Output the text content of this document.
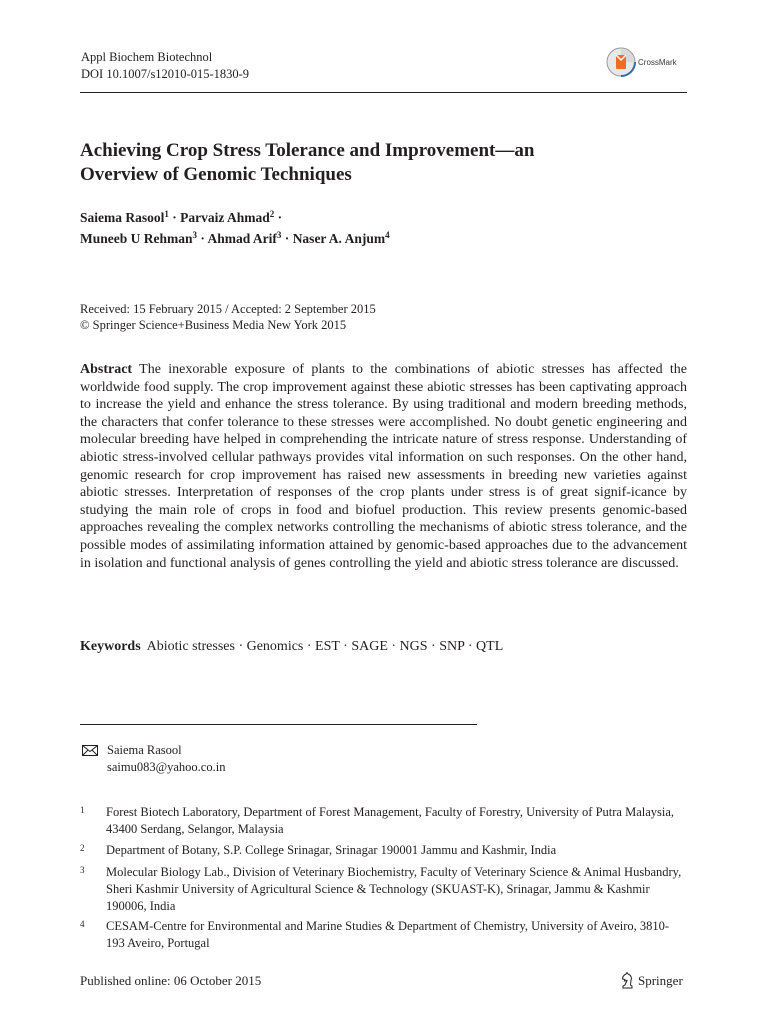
Appl Biochem Biotechnol
DOI 10.1007/s12010-015-1830-9
CrossMark
Achieving Crop Stress Tolerance and Improvement—an
Overview of Genomic Techniques
Saiema Rasool$^1$ · Parvaiz Ahmad$^2$ ·
Muneeb U Rehman$^3$ · Ahmad Arif$^3$ · Naser A. Anjum$^4$
Received: 15 February 2015 / Accepted: 2 September 2015
© Springer Science+Business Media New York 2015
Abstract The inexorable exposure of plants to the combinations of abiotic stresses has affected the worldwide food supply. The crop improvement against these abiotic stresses has been captivating approach to increase the yield and enhance the stress tolerance. By using traditional and modern breeding methods, the characters that confer tolerance to these stresses were accomplished. No doubt genetic engineering and molecular breeding have helped in comprehending the intricate nature of stress response. Understanding of abiotic stress-involved cellular pathways provides vital information on such responses. On the other hand, genomic research for crop improvement has raised new assessments in breeding new varieties against abiotic stresses. Interpretation of responses of the crop plants under stress is of great signif-icance by studying the main role of crops in food and biofuel production. This review presents genomic-based approaches revealing the complex networks controlling the mechanisms of abiotic stress tolerance, and the possible modes of assimilating information attained by genomic-based approaches due to the advancement in isolation and functional analysis of genes controlling the yield and abiotic stress tolerance are discussed.
Keywords Abiotic stresses · Genomics · EST · SAGE · NGS · SNP · QTL
Saiema Rasool
saimu083@yahoo.co.in
1 Forest Biotech Laboratory, Department of Forest Management, Faculty of Forestry, University of Putra Malaysia, 43400 Serdang, Selangor, Malaysia
2 Department of Botany, S.P. College Srinagar, Srinagar 190001 Jammu and Kashmir, India
3 Molecular Biology Lab., Division of Veterinary Biochemistry, Faculty of Veterinary Science & Animal Husbandry, Sheri Kashmir University of Agricultural Science & Technology (SKUAST-K), Srinagar, Jammu & Kashmir 190006, India
4 CESAM-Centre for Environmental and Marine Studies & Department of Chemistry, University of Aveiro, 3810-193 Aveiro, Portugal
Published online: 06 October 2015	Springer
